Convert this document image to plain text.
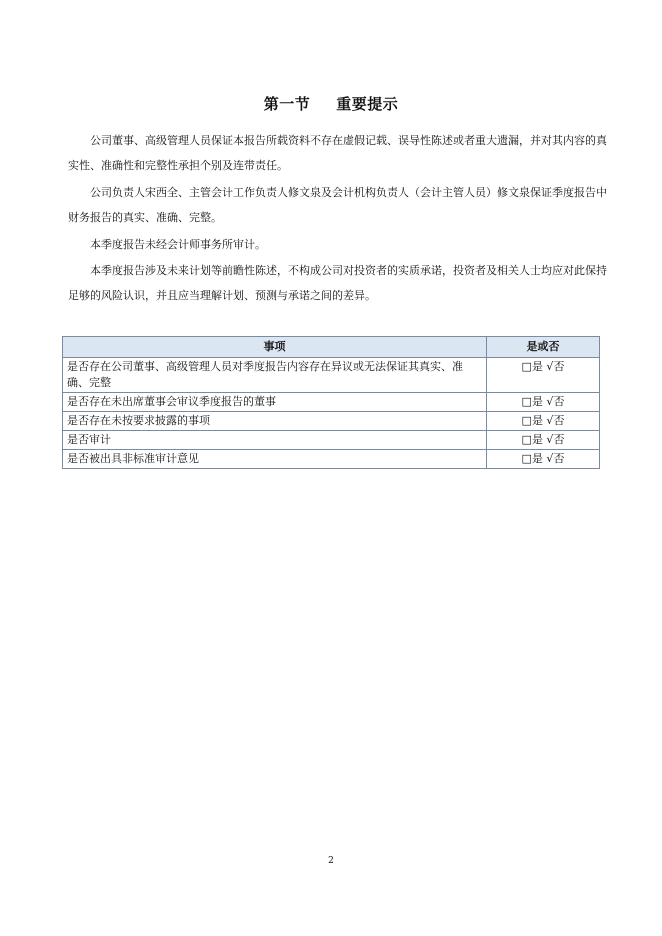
第一节 重要提示
公司董事、高级管理人员保证本报告所载资料不存在虚假记载、误导性陈述或者重大遗漏，并对其内容的真实性、准确性和完整性承担个别及连带责任。
公司负责人宋西全、主管会计工作负责人修文泉及会计机构负责人（会计主管人员）修文泉保证季度报告中财务报告的真实、准确、完整。
本季度报告未经会计师事务所审计。
本季度报告涉及未来计划等前瞻性陈述，不构成公司对投资者的实质承诺，投资者及相关人士均应对此保持足够的风险认识，并且应当理解计划、预测与承诺之间的差异。
事项	是或否
是否存在公司董事、高级管理人员对季度报告内容存在异议或无法保证其真实、准确、完整	□是 √否
是否存在未出席董事会审议季度报告的董事	□是 √否
是否存在未按要求披露的事项	□是 √否
是否审计	□是 √否
是否被出具非标准审计意见	□是 √否
2
